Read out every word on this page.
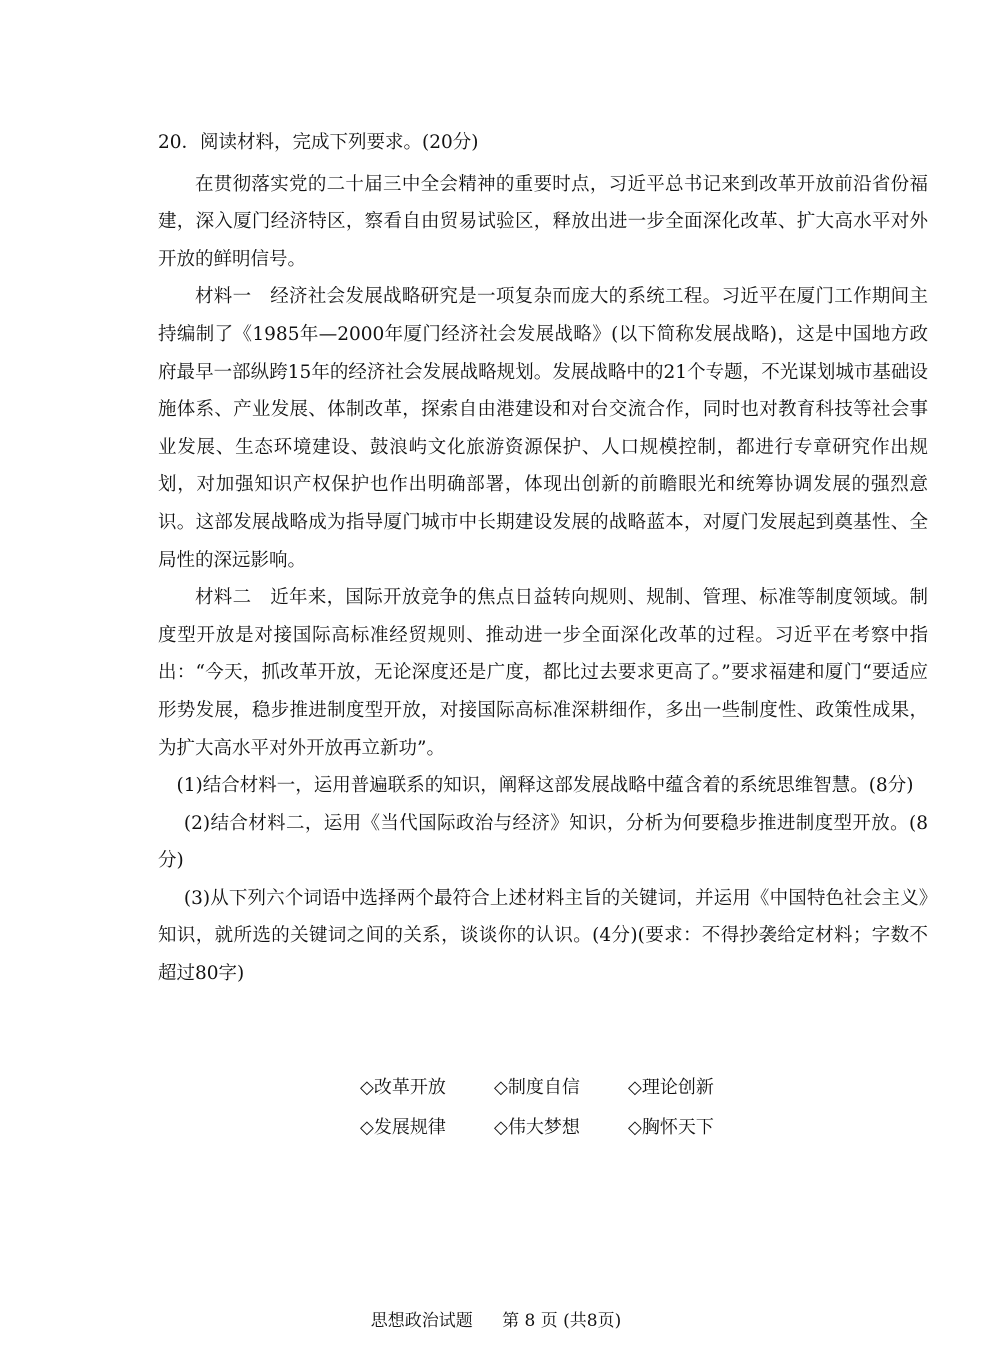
20．阅读材料，完成下列要求。(20分)

在贯彻落实党的二十届三中全会精神的重要时点，习近平总书记来到改革开放前沿省份福建，深入厦门经济特区，察看自由贸易试验区，释放出进一步全面深化改革、扩大高水平对外开放的鲜明信号。

材料一　经济社会发展战略研究是一项复杂而庞大的系统工程。习近平在厦门工作期间主持编制了《1985年—2000年厦门经济社会发展战略》(以下简称发展战略)，这是中国地方政府最早一部纵跨15年的经济社会发展战略规划。发展战略中的21个专题，不光谋划城市基础设施体系、产业发展、体制改革，探索自由港建设和对台交流合作，同时也对教育科技等社会事业发展、生态环境建设、鼓浪屿文化旅游资源保护、人口规模控制，都进行专章研究作出规划，对加强知识产权保护也作出明确部署，体现出创新的前瞻眼光和统筹协调发展的强烈意识。这部发展战略成为指导厦门城市中长期建设发展的战略蓝本，对厦门发展起到奠基性、全局性的深远影响。

材料二　近年来，国际开放竞争的焦点日益转向规则、规制、管理、标准等制度领域。制度型开放是对接国际高标准经贸规则、推动进一步全面深化改革的过程。习近平在考察中指出：“今天，抓改革开放，无论深度还是广度，都比过去要求更高了。”要求福建和厦门“要适应形势发展，稳步推进制度型开放，对接国际高标准深耕细作，多出一些制度性、政策性成果，为扩大高水平对外开放再立新功”。

(1)结合材料一，运用普遍联系的知识，阐释这部发展战略中蕴含着的系统思维智慧。(8分)

(2)结合材料二，运用《当代国际政治与经济》知识，分析为何要稳步推进制度型开放。(8分)

(3)从下列六个词语中选择两个最符合上述材料主旨的关键词，并运用《中国特色社会主义》知识，就所选的关键词之间的关系，谈谈你的认识。(4分)(要求：不得抄袭给定材料；字数不超过80字)

◇改革开放	◇制度自信	◇理论创新
◇发展规律	◇伟大梦想	◇胸怀天下
思想政治试题 第 8 页 (共8页)
